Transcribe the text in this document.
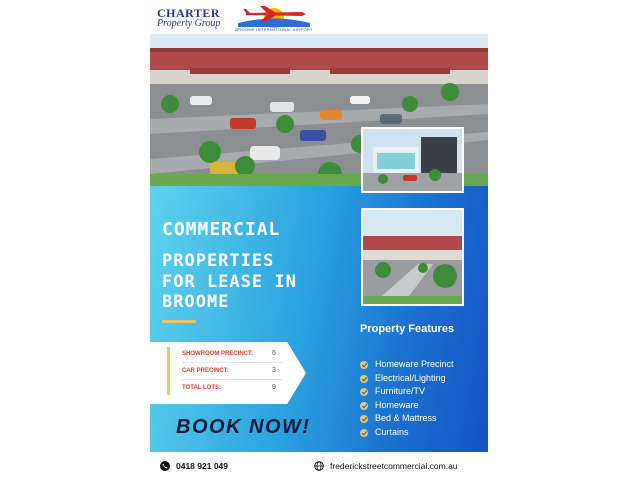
CHARTER
Property Group
BROOME INTERNATIONAL AIRPORT
COMMERCIAL
PROPERTIES
FOR LEASE IN
BROOME
SHOWROOM PRECINCT:	6
CAR PRECINCT:	3
TOTAL LOTS:	9
BOOK NOW!
Property Features
Homeware Precinct
Electrical/Lighting
Furniture/TV
Homeware
Bed & Mattress
Curtains
0418 921 049	frederickstreetcommercial.com.au
